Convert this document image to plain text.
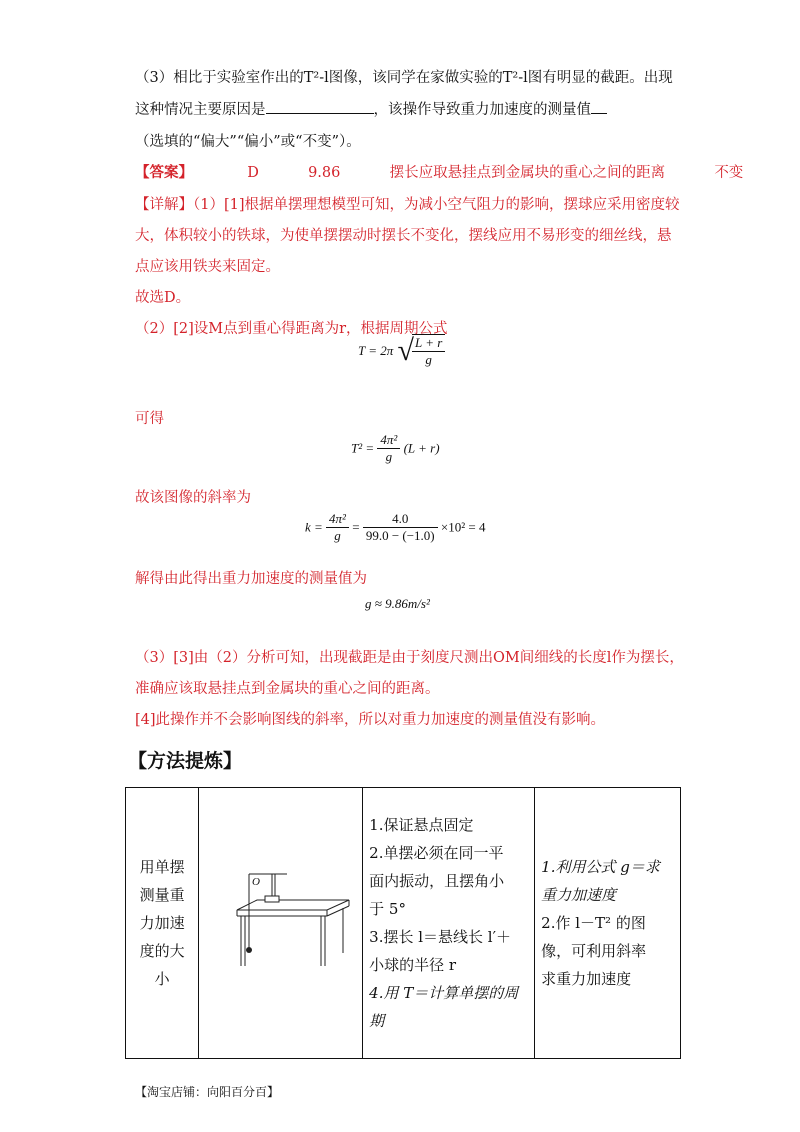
（3）相比于实验室作出的T²-l图像，该同学在家做实验的T²-l图有明显的截距。出现
这种情况主要原因是	，该操作导致重力加速度的测量值
（选填的“偏大”“偏小”或“不变”）。
【答案】	D	9.86	摆长应取悬挂点到金属块的重心之间的距离	不变
【详解】（1）[1]根据单摆理想模型可知，为减小空气阻力的影响，摆球应采用密度较
大，体积较小的铁球，为使单摆摆动时摆长不变化，摆线应用不易形变的细丝线，悬
点应该用铁夹来固定。
故选D。
（2）[2]设M点到重心得距离为r，根据周期公式
T = 2π √
$\frac{L + r}{g}$
可得
$T^2 = \frac{\text{4π²}}{g} (L + r)$
故该图像的斜率为
$k = \frac{\text{4π²}}{g} = \frac{4.0}{99.0 - (-1.0)} \times 10^2 = 4$
解得由此得出重力加速度的测量值为
g ≈ 9.86m/s²
（3）[3]由（2）分析可知，出现截距是由于刻度尺测出OM间细线的长度l作为摆长，
准确应该取悬挂点到金属块的重心之间的距离。
[4]此操作并不会影响图线的斜率，所以对重力加速度的测量值没有影响。
【方法提炼】
用单摆
测量重
力加速
度的大
小

O

1.保证悬点固定
2.单摆必须在同一平
面内振动，且摆角小
于 5°
3.摆长 l＝悬线长 l′＋
小球的半径 r
4.用 T＝计算单摆的周
期

1.利用公式 g＝求
重力加速度
2.作 l－T² 的图
像，可利用斜率
求重力加速度
【淘宝店铺：向阳百分百】
